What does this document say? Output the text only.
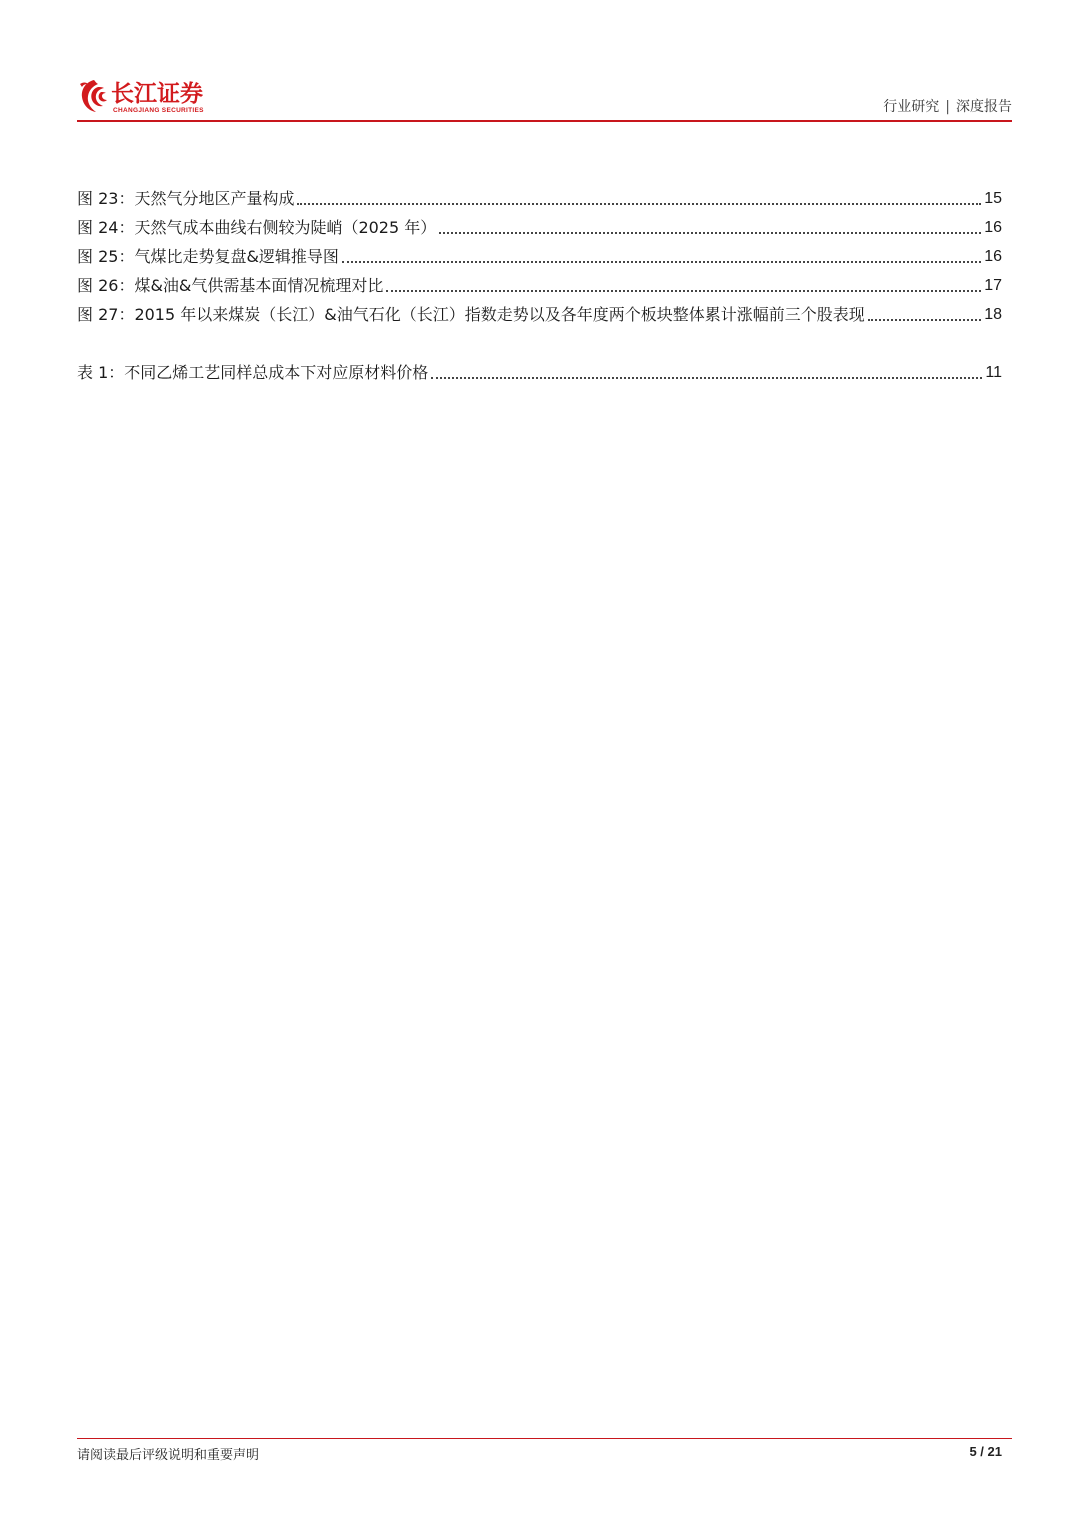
长江证券
CHANGJIANG SECURITIES	行业研究 | 深度报告
图 23：天然气分地区产量构成	15
图 24：天然气成本曲线右侧较为陡峭（2025 年）	16
图 25：气煤比走势复盘&逻辑推导图	16
图 26：煤&油&气供需基本面情况梳理对比	17
图 27：2015 年以来煤炭（长江）&油气石化（长江）指数走势以及各年度两个板块整体累计涨幅前三个股表现	18
表 1：不同乙烯工艺同样总成本下对应原材料价格	11
请阅读最后评级说明和重要声明	5 / 21
